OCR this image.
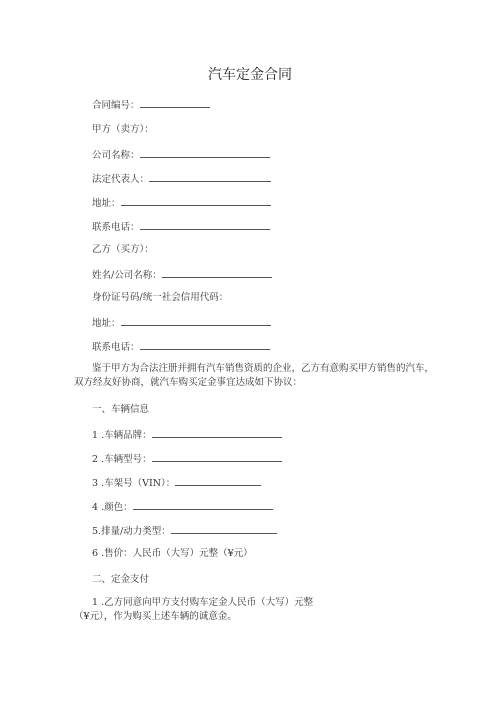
汽车定金合同
合同编号：
甲方（卖方）：
公司名称：
法定代表人：
地址：
联系电话：
乙方（买方）：
姓名/公司名称：
身份证号码/统一社会信用代码：
地址：
联系电话：
鉴于甲方为合法注册并拥有汽车销售资质的企业，乙方有意购买甲方销售的汽车，双方经友好协商，就汽车购买定金事宜达成如下协议：
一、车辆信息
1 .车辆品牌：
2 .车辆型号：
3 .车架号（VIN）：
4 .颜色：
5.排量/动力类型：
6 .售价：人民币（大写）元整（¥元）
二、定金支付
1 .乙方同意向甲方支付购车定金人民币（大写）元整（¥元），作为购买上述车辆的诚意金。
